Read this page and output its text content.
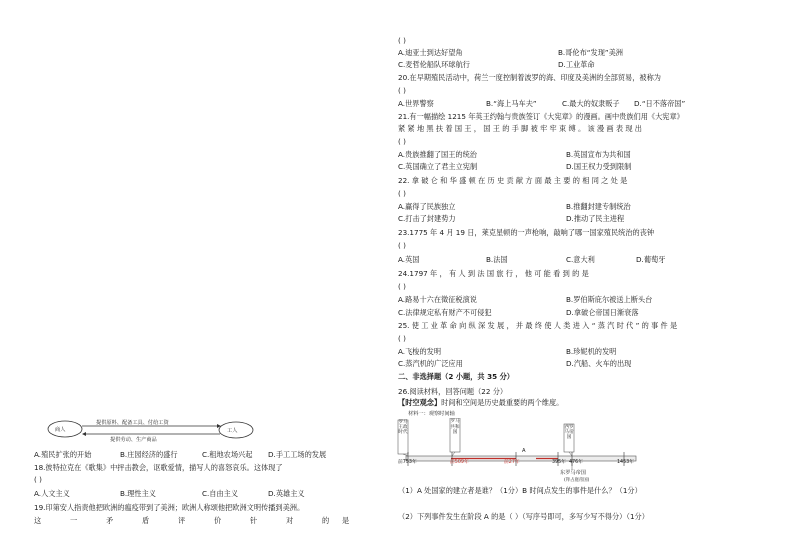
商人	工人
提供原料、配备工具、付给工资
提供劳动、生产商品
A.殖民扩张的开始	B.庄园经济的盛行	C.租地农场兴起 D.手工工场的发展
18.彼特拉克在《歌集》中抨击教会，讴歌爱情，描写人的喜怒哀乐。这体现了
( )
A.人文主义	B.理性主义	C.自由主义	D.英雄主义
19.印第安人指责他把欧洲的瘟疫带到了美洲；欧洲人称颂他把欧洲文明传播到美洲。
这	一	矛	盾	评	价	针	对	的 是
( )
A.迪亚士到达好望角	B.哥伦布“发现”美洲
C.麦哲伦船队环球航行	D.工业革命
20.在早期殖民活动中，荷兰一度控制着波罗的海、印度及美洲的全部贸易，被称为
( )
A.世界警察	B.“海上马车夫”	C.最大的奴隶贩子 D.“日不落帝国”
21.有一幅描绘 1215 年英王约翰与贵族签订《大宪章》的漫画。画中贵族们用《大宪章》
紧 紧 地 黑 扶 着 国 王 ， 国 王 的 手 脚 被 牢 牢 束 缚 。 该 漫 画 表 现 出
( )
A.贵族推翻了国王的统治	B.英国宣布为共和国
C.英国确立了君主立宪制	D.国王权力受到限制
22. 拿 破 仑 和 华 盛 顿 在 历 史 贡 献 方 面 最 主 要 的 相 同 之 处 是
( )
A.赢得了民族独立	B.推翻封建专制统治
C.打击了封建势力	D.推动了民主进程
23.1775 年 4 月 19 日，莱克星顿的一声枪响，敲响了哪一国家殖民统治的丧钟
( )
A.英国	B.法国	C.意大利	D.葡萄牙
24.1797 年 ， 有 人 到 法 国 旅 行 ， 他 可 能 看 到 的 是
( )
A.路易十六在徵征税演说	B.罗伯斯庇尔被送上断头台
C.法律规定私有财产不可侵犯	D.拿破仑帝国日渐衰落
25. 使 工 业 革 命 向 纵 深 发 展 ， 并 最 终 使 人 类 进 入 “ 蒸 汽 时 代 ” 的 事 件 是
( )
A.飞梭的发明	B.珍妮机的发明
C.蒸汽机的广泛应用	D.汽船、火车的出现
二、非选择题（2 小题，共 35 分）
26.阅读材料，回答问题（22 分）
【时空观念】时间和空间是历史最重要的两个维度。
材料一：观察时间轴
罗马王政时代
罗马共和国
A
西罗马帝国
东罗马帝国
(拜占庭帝国)
前753年	前509年	前27年	395年 476年	1453年
（1）A 处国家的建立者是谁？（1分）B 时间点发生的事件是什么？（1分）
（2）下列事件发生在阶段 A 的是（ ）（写序号即可，多写少写不得分）（1分）
